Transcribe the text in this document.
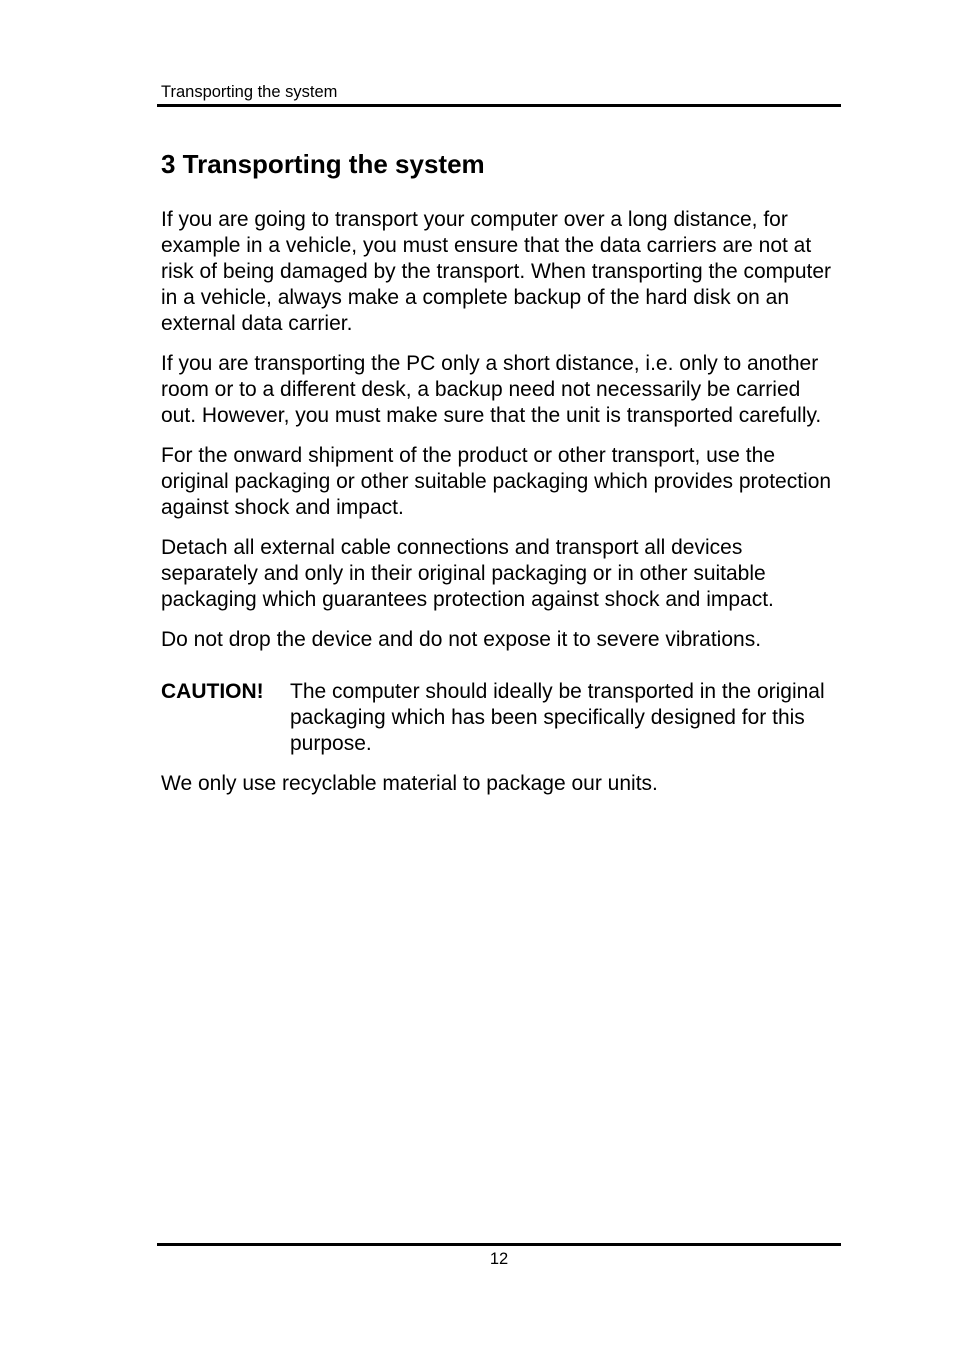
Transporting the system
3 Transporting the system

If you are going to transport your computer over a long distance, for example in a vehicle, you must ensure that the data carriers are not at risk of being damaged by the transport. When transporting the computer in a vehicle, always make a complete backup of the hard disk on an external data carrier.

If you are transporting the PC only a short distance, i.e. only to another room or to a different desk, a backup need not necessarily be carried out. However, you must make sure that the unit is transported carefully.

For the onward shipment of the product or other transport, use the original packaging or other suitable packaging which provides protection against shock and impact.

Detach all external cable connections and transport all devices separately and only in their original packaging or in other suitable packaging which guarantees protection against shock and impact.

Do not drop the device and do not expose it to severe vibrations.

CAUTION!	The computer should ideally be transported in the original packaging which has been specifically designed for this purpose.

We only use recyclable material to package our units.

12
